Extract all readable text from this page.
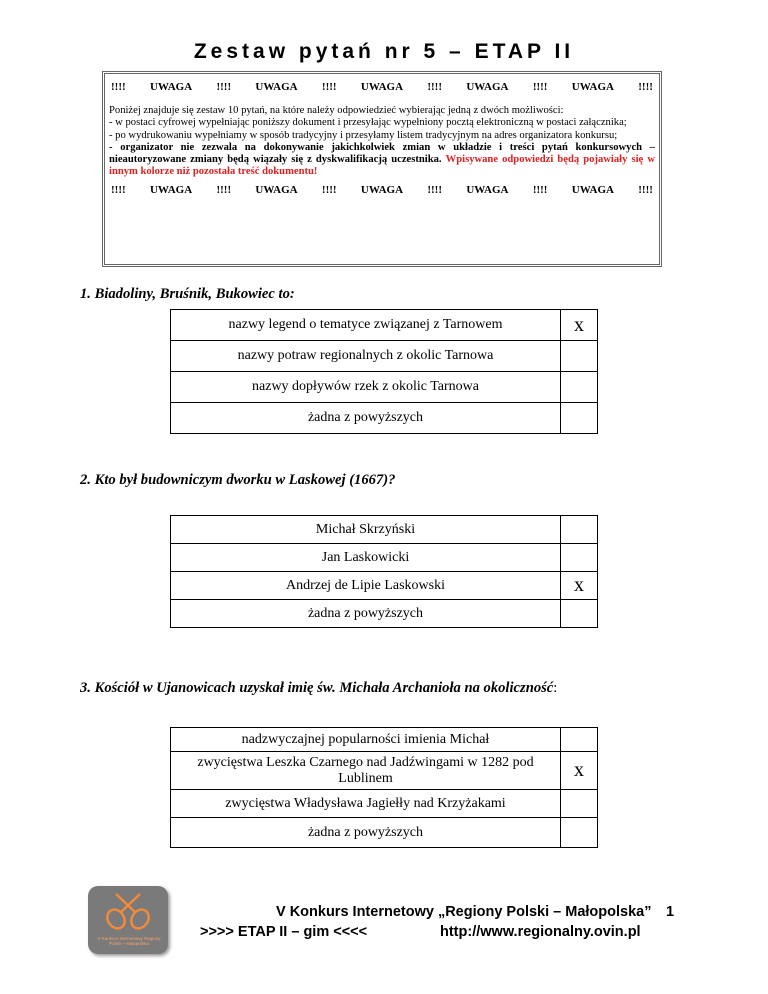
Zestaw pytań nr 5 – ETAP II
!!!! UWAGA !!!! UWAGA !!!! UWAGA !!!! UWAGA !!!! UWAGA !!!!

Poniżej znajduje się zestaw 10 pytań, na które należy odpowiedzieć wybierając jedną z dwóch możliwości:

- w postaci cyfrowej wypełniając poniższy dokument i przesyłając wypełniony pocztą elektroniczną w postaci załącznika;

- po wydrukowaniu wypełniamy w sposób tradycyjny i przesyłamy listem tradycyjnym na adres organizatora konkursu;

- organizator nie zezwala na dokonywanie jakichkolwiek zmian w układzie i treści pytań konkursowych – nieautoryzowane zmiany będą wiązały się z dyskwalifikacją uczestnika. Wpisywane odpowiedzi będą pojawiały się w innym kolorze niż pozostała treść dokumentu!

!!!! UWAGA !!!! UWAGA !!!! UWAGA !!!! UWAGA !!!! UWAGA !!!!
1. Biadoliny, Bruśnik, Bukowiec to:
nazwy legend o tematyce związanej z Tarnowem	x
nazwy potraw regionalnych z okolic Tarnowa	
nazwy dopływów rzek z okolic Tarnowa	
żadna z powyższych	
2. Kto był budowniczym dworku w Laskowej (1667)?
Michał Skrzyński	
Jan Laskowicki	
Andrzej de Lipie Laskowski	x
żadna z powyższych	
3. Kościół w Ujanowicach uzyskał imię św. Michała Archanioła na okoliczność:
nadzwyczajnej popularności imienia Michał	
zwycięstwa Leszka Czarnego nad Jadźwingami w 1282 pod Lublinem	x
zwycięstwa Władysława Jagiełły nad Krzyżakami	
żadna z powyższych	
V Konkurs Internetowy Regiony Polski – Małopolska
V Konkurs Internetowy „Regiony Polski – Małopolska” 1
>>>> ETAP II – gim <<<<	http://www.regionalny.ovin.pl
